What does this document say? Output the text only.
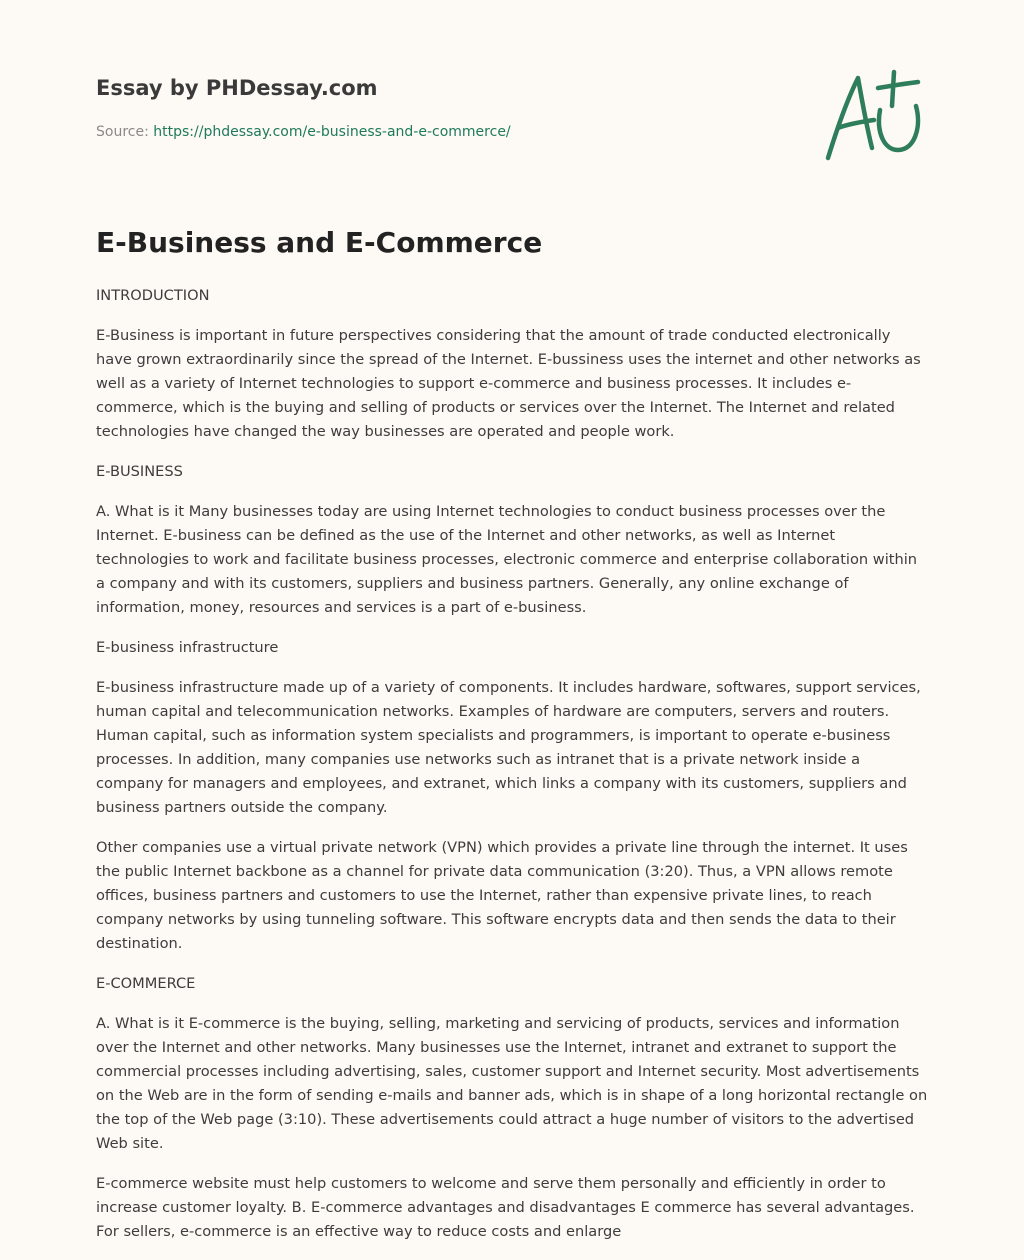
Essay by PHDessay.com
Source: https://phdessay.com/e-business-and-e-commerce/
E-Business and E-Commerce

INTRODUCTION

E-Business is important in future perspectives considering that the amount of trade conducted electronically have grown extraordinarily since the spread of the Internet. E-bussiness uses the internet and other networks as well as a variety of Internet technologies to support e-commerce and business processes. It includes e-commerce, which is the buying and selling of products or services over the Internet. The Internet and related technologies have changed the way businesses are operated and people work.

E-BUSINESS

A. What is it Many businesses today are using Internet technologies to conduct business processes over the Internet. E-business can be defined as the use of the Internet and other networks, as well as Internet technologies to work and facilitate business processes, electronic commerce and enterprise collaboration within a company and with its customers, suppliers and business partners. Generally, any online exchange of information, money, resources and services is a part of e-business.

E-business infrastructure

E-business infrastructure made up of a variety of components. It includes hardware, softwares, support services, human capital and telecommunication networks. Examples of hardware are computers, servers and routers. Human capital, such as information system specialists and programmers, is important to operate e-business processes. In addition, many companies use networks such as intranet that is a private network inside a company for managers and employees, and extranet, which links a company with its customers, suppliers and business partners outside the company.

Other companies use a virtual private network (VPN) which provides a private line through the internet. It uses the public Internet backbone as a channel for private data communication (3:20). Thus, a VPN allows remote offices, business partners and customers to use the Internet, rather than expensive private lines, to reach company networks by using tunneling software. This software encrypts data and then sends the data to their destination.

E-COMMERCE

A. What is it E-commerce is the buying, selling, marketing and servicing of products, services and information over the Internet and other networks. Many businesses use the Internet, intranet and extranet to support the commercial processes including advertising, sales, customer support and Internet security. Most advertisements on the Web are in the form of sending e-mails and banner ads, which is in shape of a long horizontal rectangle on the top of the Web page (3:10). These advertisements could attract a huge number of visitors to the advertised Web site.

E-commerce website must help customers to welcome and serve them personally and efficiently in order to increase customer loyalty. B. E-commerce advantages and disadvantages E commerce has several advantages. For sellers, e-commerce is an effective way to reduce costs and enlarge
